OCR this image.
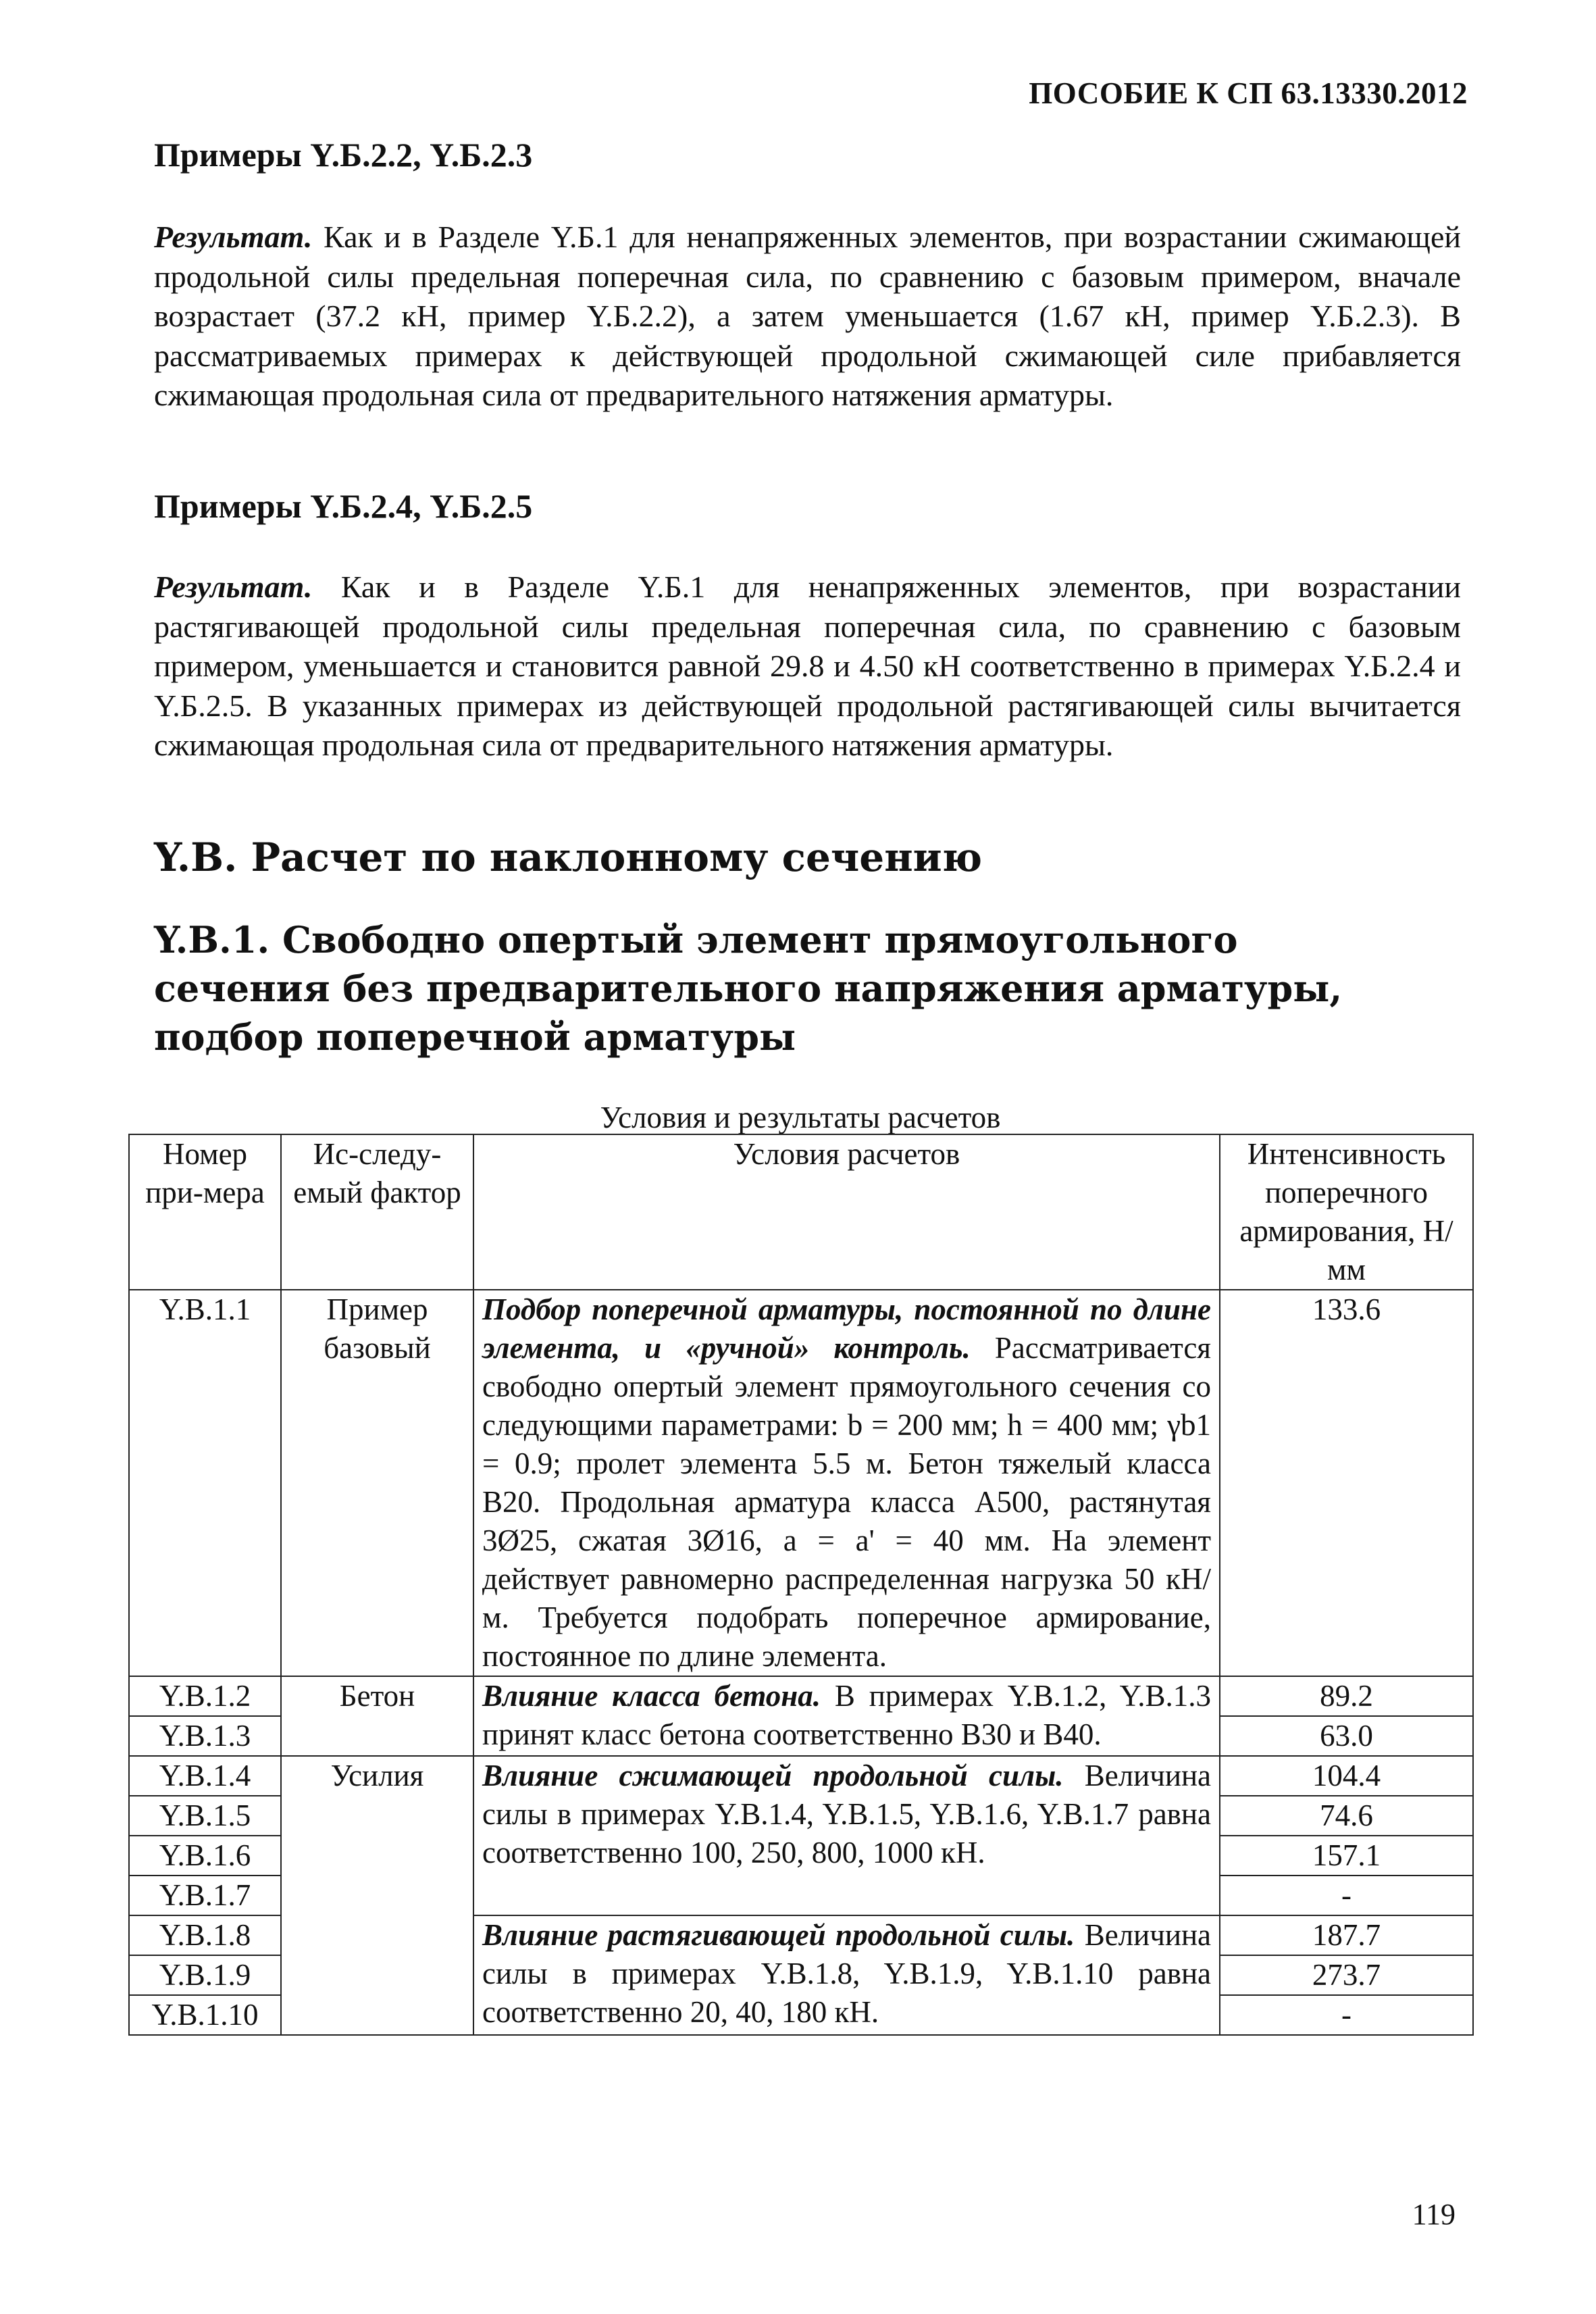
ПОСОБИЕ К СП 63.13330.2012
Примеры Y.Б.2.2, Y.Б.2.3
Результат. Как и в Разделе Y.Б.1 для ненапряженных элементов, при возрастании сжимающей продольной силы предельная поперечная сила, по сравнению с базовым примером, вначале возрастает (37.2 кН, пример Y.Б.2.2), а затем уменьшается (1.67 кН, пример Y.Б.2.3). В рассматриваемых примерах к действующей продольной сжимающей силе прибавляется сжимающая продольная сила от предварительного натяжения арматуры.
Примеры Y.Б.2.4, Y.Б.2.5
Результат. Как и в Разделе Y.Б.1 для ненапряженных элементов, при возрастании растягивающей продольной силы предельная поперечная сила, по сравнению с базовым примером, уменьшается и становится равной 29.8 и 4.50 кН соответственно в примерах Y.Б.2.4 и Y.Б.2.5. В указанных примерах из действующей продольной растягивающей силы вычитается сжимающая продольная сила от предварительного натяжения арматуры.
Y.B. Расчет по наклонному сечению
Y.B.1. Свободно опертый элемент прямоугольного сечения без предварительного напряжения арматуры, подбор поперечной арматуры
Условия и результаты расчетов
Номер при-мера	Ис-следу-емый фактор	Условия расчетов	Интенсивность поперечного армирования, Н/мм
Y.B.1.1	Пример базовый	Подбор поперечной арматуры, постоянной по длине элемента, и «ручной» контроль. Рассматривается свободно опертый элемент прямоугольного сечения со следующими параметрами: b = 200 мм; h = 400 мм; γb1 = 0.9; пролет элемента 5.5 м. Бетон тяжелый класса B20. Продольная арматура класса A500, растянутая 3Ø25, сжатая 3Ø16, a = a' = 40 мм. На элемент действует равномерно распределенная нагрузка 50 кН/м. Требуется подобрать поперечное армирование, постоянное по длине элемента.	133.6
Y.B.1.2	Бетон	Влияние класса бетона. В примерах Y.B.1.2, Y.B.1.3 принят класс бетона соответственно B30 и B40.	89.2
Y.B.1.3			63.0
Y.B.1.4	Усилия	Влияние сжимающей продольной силы. Величина силы в примерах Y.B.1.4, Y.B.1.5, Y.B.1.6, Y.B.1.7 равна соответственно 100, 250, 800, 1000 кН.	104.4
Y.B.1.5			74.6
Y.B.1.6			157.1
Y.B.1.7			-
Y.B.1.8		Влияние растягивающей продольной силы. Величина силы в примерах Y.B.1.8, Y.B.1.9, Y.B.1.10 равна соответственно 20, 40, 180 кН.	187.7
Y.B.1.9			273.7
Y.B.1.10			-
119
